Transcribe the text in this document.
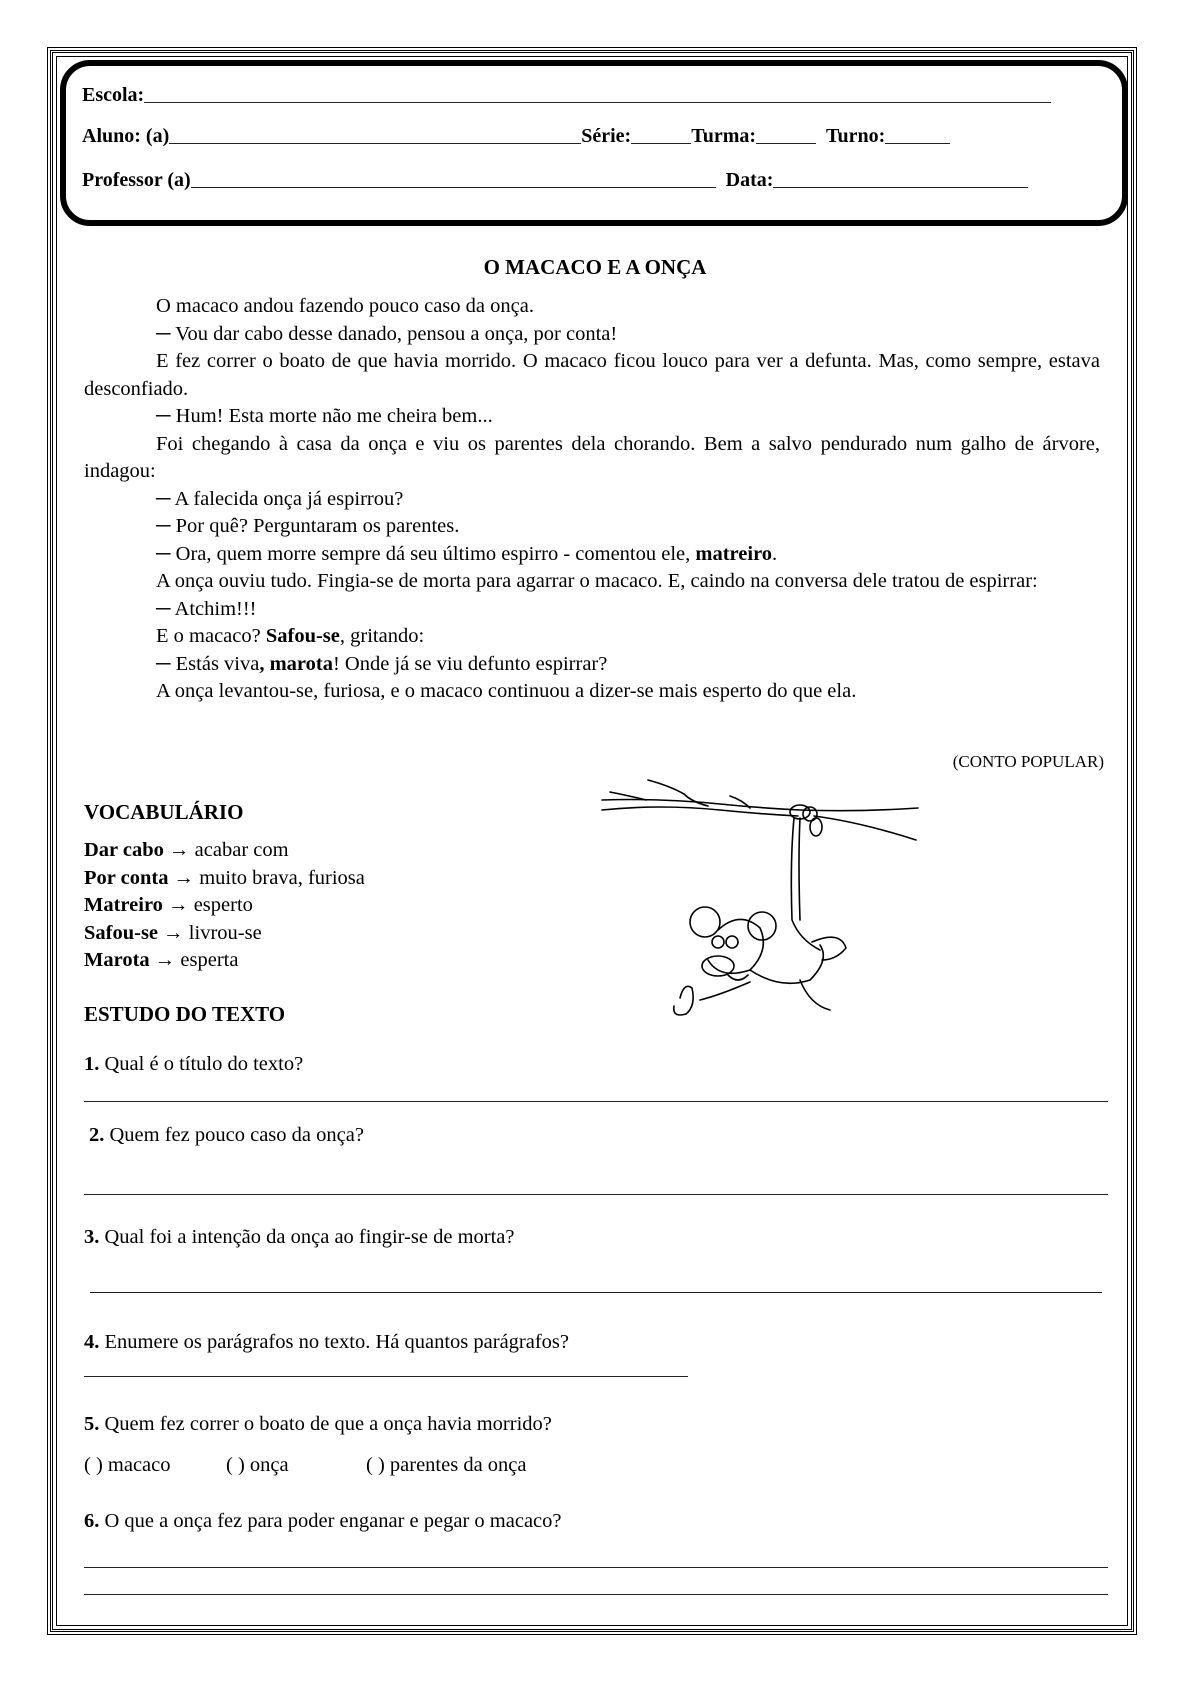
Escola:
Aluno: (a)	Série:	Turma:	Turno:
Professor (a)	Data:
O MACACO E A ONÇA

O macaco andou fazendo pouco caso da onça.

─ Vou dar cabo desse danado, pensou a onça, por conta!

E fez correr o boato de que havia morrido. O macaco ficou louco para ver a defunta. Mas, como sempre, estava desconfiado.

─ Hum! Esta morte não me cheira bem...

Foi chegando à casa da onça e viu os parentes dela chorando. Bem a salvo pendurado num galho de árvore, indagou:

─ A falecida onça já espirrou?

─ Por quê? Perguntaram os parentes.

─ Ora, quem morre sempre dá seu último espirro - comentou ele, matreiro.

A onça ouviu tudo. Fingia-se de morta para agarrar o macaco. E, caindo na conversa dele tratou de espirrar:

─ Atchim!!!

E o macaco? Safou-se, gritando:

─ Estás viva, marota! Onde já se viu defunto espirrar?

A onça levantou-se, furiosa, e o macaco continuou a dizer-se mais esperto do que ela.

(CONTO POPULAR)
VOCABULÁRIO
Dar cabo → acabar com
Por conta → muito brava, furiosa
Matreiro → esperto
Safou-se → livrou-se
Marota → esperta
ESTUDO DO TEXTO
1. Qual é o título do texto?
2. Quem fez pouco caso da onça?
3. Qual foi a intenção da onça ao fingir-se de morta?
4. Enumere os parágrafos no texto. Há quantos parágrafos?
5. Quem fez correr o boato de que a onça havia morrido?
( ) macaco	( ) onça	( ) parentes da onça
6. O que a onça fez para poder enganar e pegar o macaco?
